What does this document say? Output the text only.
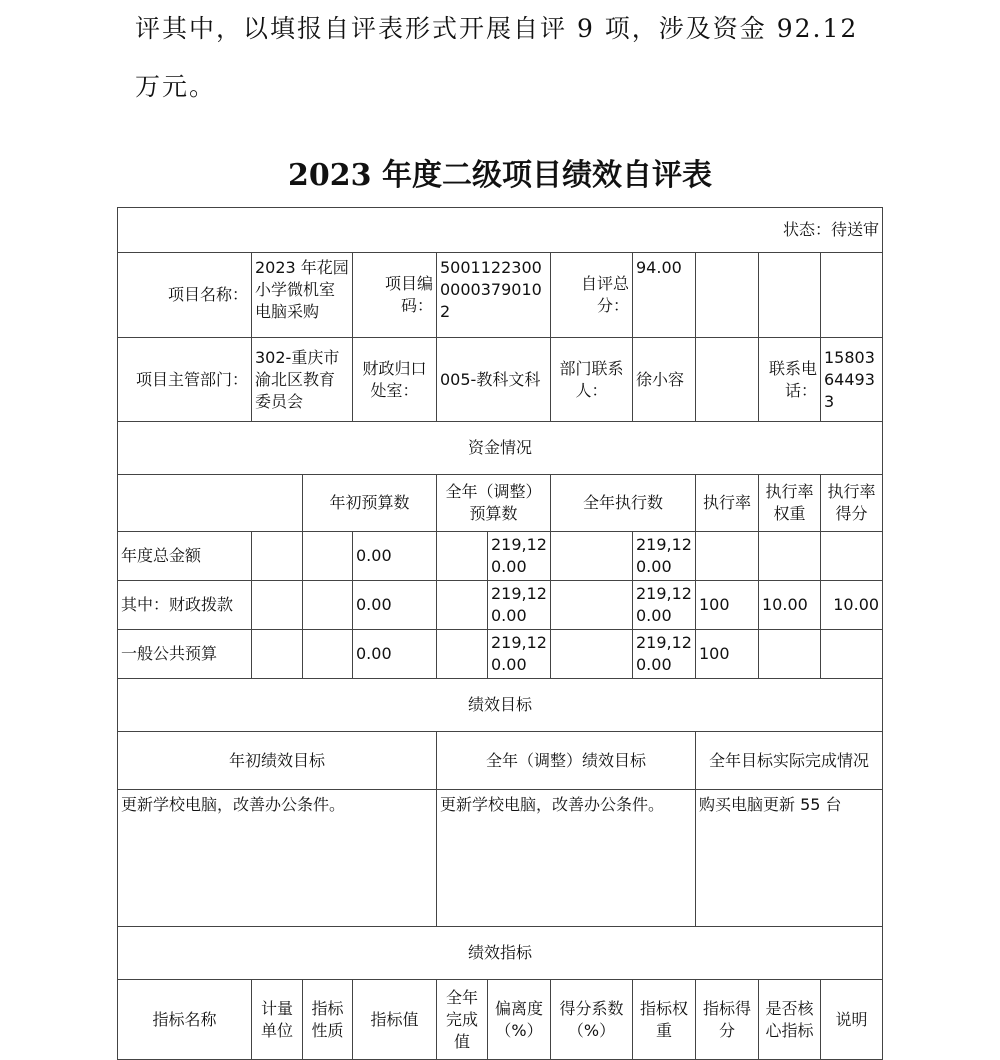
评其中，以填报自评表形式开展自评 9 项，涉及资金 92.12 万元。
2023 年度二级项目绩效自评表
状态：待送审										
项目名称：	2023 年花园小学微机室电脑采购		项目编码：	500112230000003790102		自评总分：	94.00			
项目主管部门：	302-重庆市渝北区教育委员会		财政归口处室：	005-教科文科		部门联系人：	徐小容		联系电话：	15803644933
资金情况										
		年初预算数		全年（调整）预算数		全年执行数		执行率	执行率权重	执行率得分
年度总金额			0.00		219,120.00		219,120.00			
其中：财政拨款			0.00		219,120.00		219,120.00	100	10.00	10.00
一般公共预算			0.00		219,120.00		219,120.00	100		
绩效目标										
年初绩效目标				全年（调整）绩效目标				全年目标实际完成情况		
更新学校电脑，改善办公条件。				更新学校电脑，改善办公条件。				购买电脑更新 55 台		
绩效指标										
指标名称	计量单位	指标性质	指标值	全年完成值	偏离度（%）	得分系数（%）	指标权重	指标得分	是否核心指标	说明
